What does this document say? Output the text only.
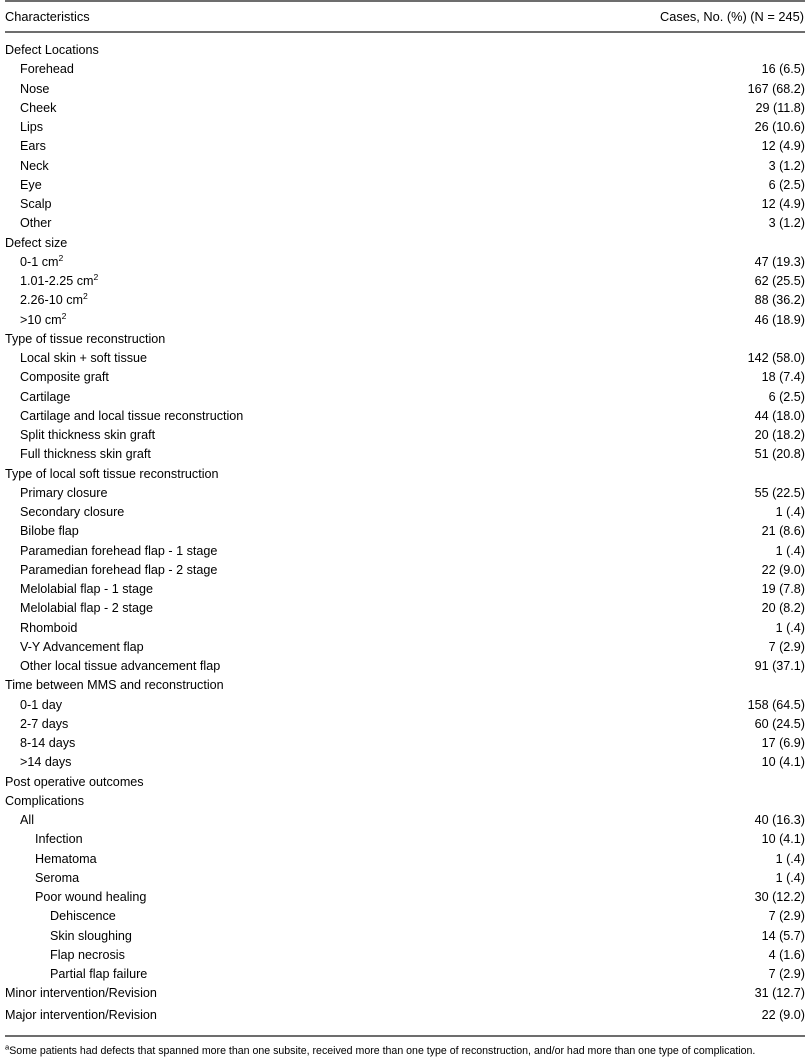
Characteristics	Cases, No. (%) (N = 245)

Defect Locations	
Forehead	16 (6.5)
Nose	167 (68.2)
Cheek	29 (11.8)
Lips	26 (10.6)
Ears	12 (4.9)
Neck	3 (1.2)
Eye	6 (2.5)
Scalp	12 (4.9)
Other	3 (1.2)
Defect size	
0-1 $cm^2$	47 (19.3)
1.01-2.25 $cm^2$	62 (25.5)
2.26-10 $cm^2$	88 (36.2)
>10 $cm^2$	46 (18.9)
Type of tissue reconstruction	
Local skin + soft tissue	142 (58.0)
Composite graft	18 (7.4)
Cartilage	6 (2.5)
Cartilage and local tissue reconstruction	44 (18.0)
Split thickness skin graft	20 (18.2)
Full thickness skin graft	51 (20.8)
Type of local soft tissue reconstruction	
Primary closure	55 (22.5)
Secondary closure	1 (.4)
Bilobe flap	21 (8.6)
Paramedian forehead flap - 1 stage	1 (.4)
Paramedian forehead flap - 2 stage	22 (9.0)
Melolabial flap - 1 stage	19 (7.8)
Melolabial flap - 2 stage	20 (8.2)
Rhomboid	1 (.4)
V-Y Advancement flap	7 (2.9)
Other local tissue advancement flap	91 (37.1)
Time between MMS and reconstruction	
0-1 day	158 (64.5)
2-7 days	60 (24.5)
8-14 days	17 (6.9)
>14 days	10 (4.1)
Post operative outcomes	
Complications	
All	40 (16.3)
Infection	10 (4.1)
Hematoma	1 (.4)
Seroma	1 (.4)
Poor wound healing	30 (12.2)
Dehiscence	7 (2.9)
Skin sloughing	14 (5.7)
Flap necrosis	4 (1.6)
Partial flap failure	7 (2.9)
Minor intervention/Revision	31 (12.7)
Major intervention/Revision	22 (9.0)

$^a$Some patients had defects that spanned more than one subsite, received more than one type of reconstruction, and/or had more than one type of complication.
